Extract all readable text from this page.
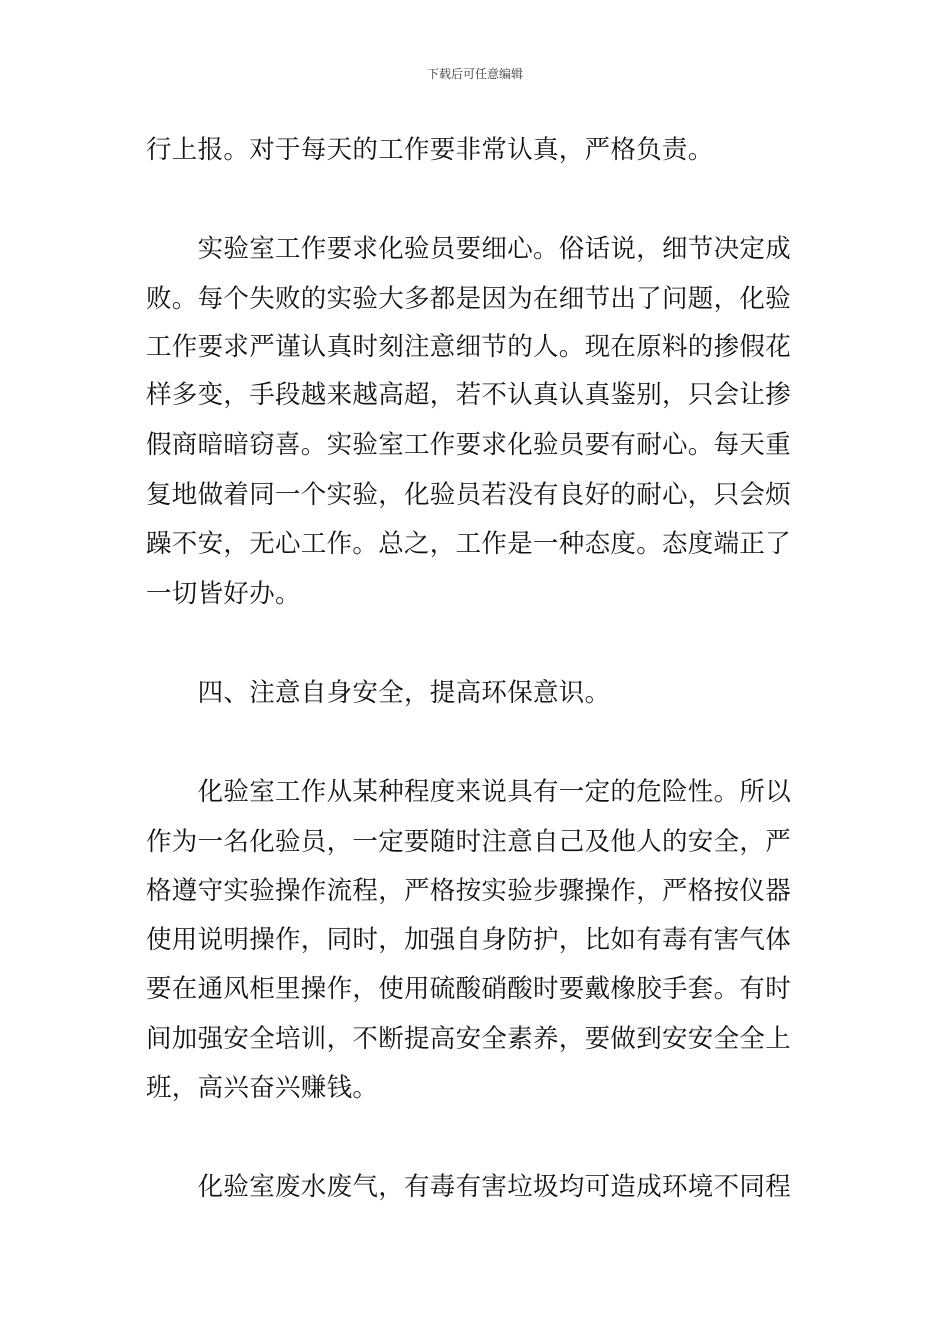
下载后可任意编辑
行上报。对于每天的工作要非常认真，严格负责。
　　实验室工作要求化验员要细心。俗话说，细节决定成
败。每个失败的实验大多都是因为在细节出了问题，化验
工作要求严谨认真时刻注意细节的人。现在原料的掺假花
样多变，手段越来越高超，若不认真认真鉴别，只会让掺
假商暗暗窃喜。实验室工作要求化验员要有耐心。每天重
复地做着同一个实验，化验员若没有良好的耐心，只会烦
躁不安，无心工作。总之，工作是一种态度。态度端正了
一切皆好办。
　　四、注意自身安全，提高环保意识。
　　化验室工作从某种程度来说具有一定的危险性。所以
作为一名化验员，一定要随时注意自己及他人的安全，严
格遵守实验操作流程，严格按实验步骤操作，严格按仪器
使用说明操作，同时，加强自身防护，比如有毒有害气体
要在通风柜里操作，使用硫酸硝酸时要戴橡胶手套。有时
间加强安全培训，不断提高安全素养，要做到安安全全上
班，高兴奋兴赚钱。
　　化验室废水废气，有毒有害垃圾均可造成环境不同程
